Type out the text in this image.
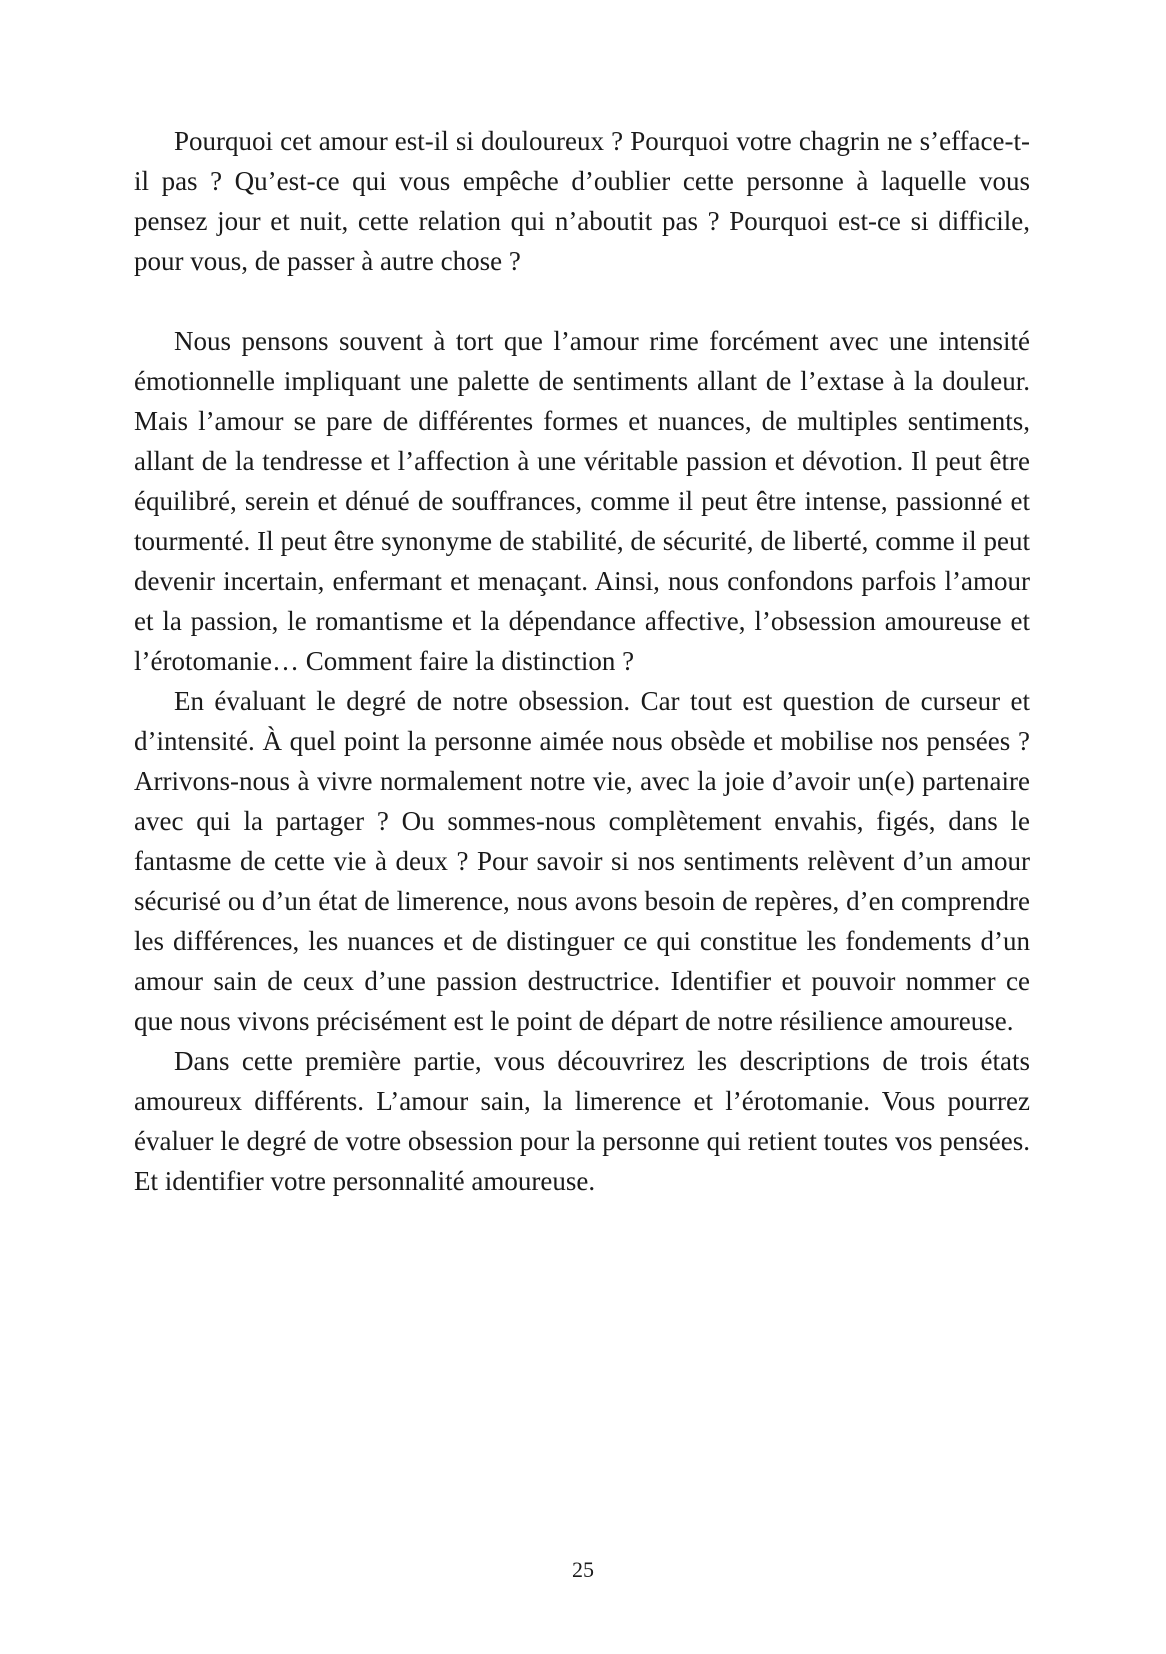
Pourquoi cet amour est-il si douloureux ? Pourquoi votre chagrin ne s’efface-t-il pas ? Qu’est-ce qui vous empêche d’oublier cette personne à laquelle vous pensez jour et nuit, cette relation qui n’aboutit pas ? Pourquoi est-ce si difficile, pour vous, de passer à autre chose ?

Nous pensons souvent à tort que l’amour rime forcément avec une intensité émotionnelle impliquant une palette de sentiments allant de l’extase à la douleur. Mais l’amour se pare de différentes formes et nuances, de multiples sentiments, allant de la tendresse et l’affection à une véritable passion et dévotion. Il peut être équilibré, serein et dénué de souffrances, comme il peut être intense, passionné et tourmenté. Il peut être synonyme de stabilité, de sécurité, de liberté, comme il peut devenir incertain, enfermant et menaçant. Ainsi, nous confondons parfois l’amour et la passion, le romantisme et la dépendance affective, l’obsession amoureuse et l’érotomanie… Comment faire la distinction ?

En évaluant le degré de notre obsession. Car tout est question de curseur et d’intensité. À quel point la personne aimée nous obsède et mobilise nos pensées ? Arrivons-nous à vivre normalement notre vie, avec la joie d’avoir un(e) partenaire avec qui la partager ? Ou sommes-nous complètement envahis, figés, dans le fantasme de cette vie à deux ? Pour savoir si nos sentiments relèvent d’un amour sécurisé ou d’un état de limerence, nous avons besoin de repères, d’en comprendre les différences, les nuances et de distinguer ce qui constitue les fondements d’un amour sain de ceux d’une passion destructrice. Identifier et pouvoir nommer ce que nous vivons précisément est le point de départ de notre résilience amoureuse.

Dans cette première partie, vous découvrirez les descriptions de trois états amoureux différents. L’amour sain, la limerence et l’érotomanie. Vous pourrez évaluer le degré de votre obsession pour la personne qui retient toutes vos pensées. Et identifier votre personnalité amoureuse.

25
